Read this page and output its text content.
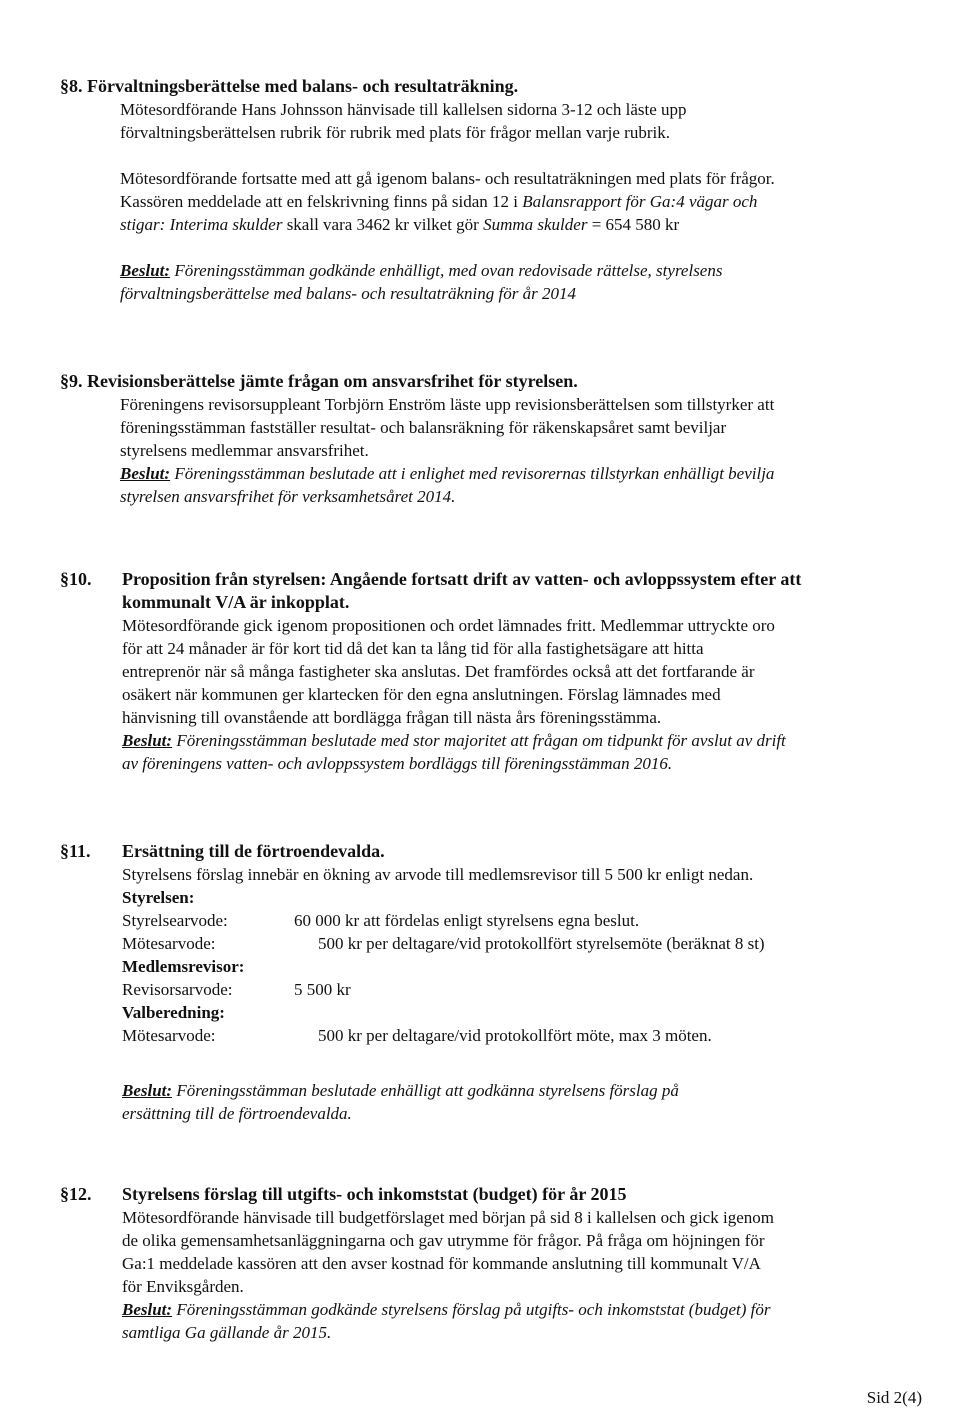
§8. Förvaltningsberättelse med balans- och resultaträkning.
Mötesordförande Hans Johnsson hänvisade till kallelsen sidorna 3-12 och läste upp
förvaltningsberättelsen rubrik för rubrik med plats för frågor mellan varje rubrik.
Mötesordförande fortsatte med att gå igenom balans- och resultaträkningen med plats för frågor.
Kassören meddelade att en felskrivning finns på sidan 12 i Balansrapport för Ga:4 vägar och
stigar: Interima skulder skall vara 3462 kr vilket gör Summa skulder = 654 580 kr
Beslut: Föreningsstämman godkände enhälligt, med ovan redovisade rättelse, styrelsens
förvaltningsberättelse med balans- och resultaträkning för år 2014
§9. Revisionsberättelse jämte frågan om ansvarsfrihet för styrelsen.
Föreningens revisorsuppleant Torbjörn Enström läste upp revisionsberättelsen som tillstyrker att
föreningsstämman fastställer resultat- och balansräkning för räkenskapsåret samt beviljar
styrelsens medlemmar ansvarsfrihet.
Beslut: Föreningsstämman beslutade att i enlighet med revisorernas tillstyrkan enhälligt bevilja
styrelsen ansvarsfrihet för verksamhetsåret 2014.
§10.	Proposition från styrelsen: Angående fortsatt drift av vatten- och avloppssystem efter att
kommunalt V/A är inkopplat.
Mötesordförande gick igenom propositionen och ordet lämnades fritt. Medlemmar uttryckte oro
för att 24 månader är för kort tid då det kan ta lång tid för alla fastighetsägare att hitta
entreprenör när så många fastigheter ska anslutas. Det framfördes också att det fortfarande är
osäkert när kommunen ger klartecken för den egna anslutningen. Förslag lämnades med
hänvisning till ovanstående att bordlägga frågan till nästa års föreningsstämma.
Beslut: Föreningsstämman beslutade med stor majoritet att frågan om tidpunkt för avslut av drift
av föreningens vatten- och avloppssystem bordläggs till föreningsstämman 2016.
§11.	Ersättning till de förtroendevalda.
Styrelsens förslag innebär en ökning av arvode till medlemsrevisor till 5 500 kr enligt nedan.
Styrelsen:
Styrelsearvode:	60 000 kr att fördelas enligt styrelsens egna beslut.
Mötesarvode:	500 kr per deltagare/vid protokollfört styrelsemöte (beräknat 8 st)
Medlemsrevisor:
Revisorsarvode:	5 500 kr
Valberedning:
Mötesarvode:	500 kr per deltagare/vid protokollfört möte, max 3 möten.
Beslut: Föreningsstämman beslutade enhälligt att godkänna styrelsens förslag på
ersättning till de förtroendevalda.
§12.	Styrelsens förslag till utgifts- och inkomststat (budget) för år 2015
Mötesordförande hänvisade till budgetförslaget med början på sid 8 i kallelsen och gick igenom
de olika gemensamhetsanläggningarna och gav utrymme för frågor. På fråga om höjningen för
Ga:1 meddelade kassören att den avser kostnad för kommande anslutning till kommunalt V/A
för Enviksgården.
Beslut: Föreningsstämman godkände styrelsens förslag på utgifts- och inkomststat (budget) för
samtliga Ga gällande år 2015.
Sid 2(4)
